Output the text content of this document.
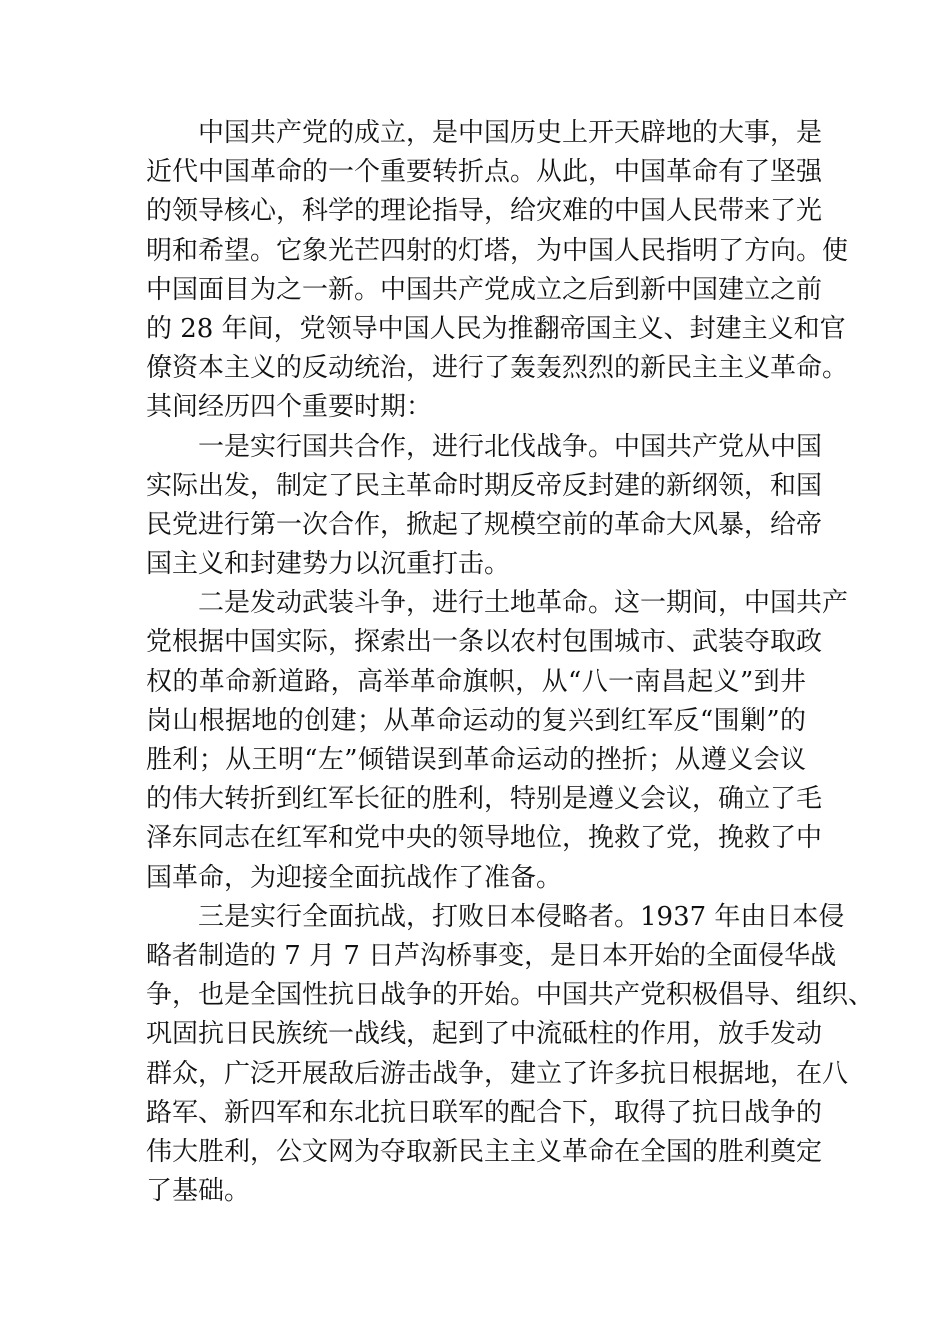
中国共产党的成立，是中国历史上开天辟地的大事，是
近代中国革命的一个重要转折点。从此，中国革命有了坚强
的领导核心，科学的理论指导，给灾难的中国人民带来了光
明和希望。它象光芒四射的灯塔，为中国人民指明了方向。使
中国面目为之一新。中国共产党成立之后到新中国建立之前
的 28 年间，党领导中国人民为推翻帝国主义、封建主义和官
僚资本主义的反动统治，进行了轰轰烈烈的新民主主义革命。
其间经历四个重要时期：
一是实行国共合作，进行北伐战争。中国共产党从中国
实际出发，制定了民主革命时期反帝反封建的新纲领，和国
民党进行第一次合作，掀起了规模空前的革命大风暴，给帝
国主义和封建势力以沉重打击。
二是发动武装斗争，进行土地革命。这一期间，中国共产
党根据中国实际，探索出一条以农村包围城市、武装夺取政
权的革命新道路，高举革命旗帜，从“八一南昌起义”到井
岗山根据地的创建；从革命运动的复兴到红军反“围剿”的
胜利；从王明“左”倾错误到革命运动的挫折；从遵义会议
的伟大转折到红军长征的胜利，特别是遵义会议，确立了毛
泽东同志在红军和党中央的领导地位，挽救了党，挽救了中
国革命，为迎接全面抗战作了准备。
三是实行全面抗战，打败日本侵略者。1937 年由日本侵
略者制造的 7 月 7 日芦沟桥事变，是日本开始的全面侵华战
争，也是全国性抗日战争的开始。中国共产党积极倡导、组织、
巩固抗日民族统一战线，起到了中流砥柱的作用，放手发动
群众，广泛开展敌后游击战争，建立了许多抗日根据地，在八
路军、新四军和东北抗日联军的配合下，取得了抗日战争的
伟大胜利，公文网为夺取新民主主义革命在全国的胜利奠定
了基础。
